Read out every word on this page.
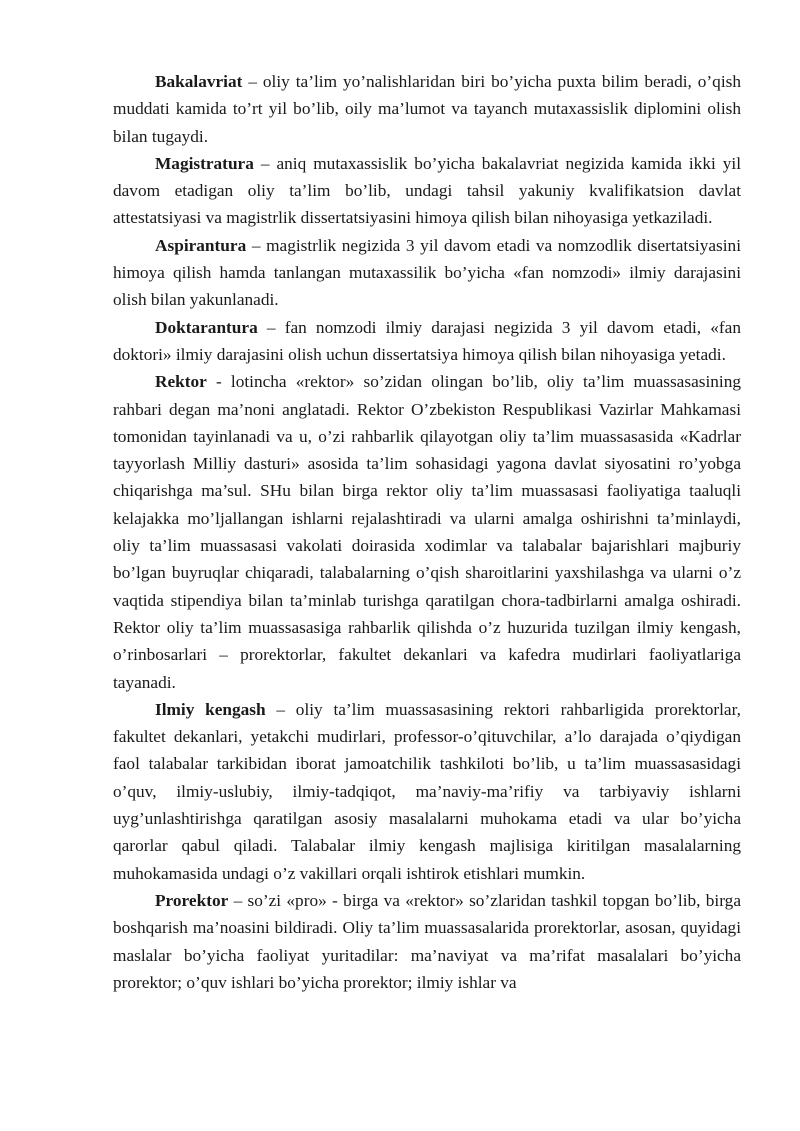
Bakalavriat – oliy ta’lim yo’nalishlaridan biri bo’yicha puxta bilim beradi, o’qish muddati kamida to’rt yil bo’lib, oily ma’lumot va tayanch mutaxassislik diplomini olish bilan tugaydi.

Magistratura – aniq mutaxassislik bo’yicha bakalavriat negizida kamida ikki yil davom etadigan oliy ta’lim bo’lib, undagi tahsil yakuniy kvalifikatsion davlat attestatsiyasi va magistrlik dissertatsiyasini himoya qilish bilan nihoyasiga yetkaziladi.

Aspirantura – magistrlik negizida 3 yil davom etadi va nomzodlik disertatsiyasini himoya qilish hamda tanlangan mutaxassilik bo’yicha «fan nomzodi» ilmiy darajasini olish bilan yakunlanadi.

Doktarantura – fan nomzodi ilmiy darajasi negizida 3 yil davom etadi, «fan doktori» ilmiy darajasini olish uchun dissertatsiya himoya qilish bilan nihoyasiga yetadi.

Rektor - lotincha «rektor» so’zidan olingan bo’lib, oliy ta’lim muassasasining rahbari degan ma’noni anglatadi. Rektor O’zbekiston Respublikasi Vazirlar Mahkamasi tomonidan tayinlanadi va u, o’zi rahbarlik qilayotgan oliy ta’lim muassasasida «Kadrlar tayyorlash Milliy dasturi» asosida ta’lim sohasidagi yagona davlat siyosatini ro’yobga chiqarishga ma’sul. SHu bilan birga rektor oliy ta’lim muassasasi faoliyatiga taaluqli kelajakka mo’ljallangan ishlarni rejalashtiradi va ularni amalga oshirishni ta’minlaydi, oliy ta’lim muassasasi vakolati doirasida xodimlar va talabalar bajarishlari majburiy bo’lgan buyruqlar chiqaradi, talabalarning o’qish sharoitlarini yaxshilashga va ularni o’z vaqtida stipendiya bilan ta’minlab turishga qaratilgan chora-tadbirlarni amalga oshiradi. Rektor oliy ta’lim muassasasiga rahbarlik qilishda o’z huzurida tuzilgan ilmiy kengash, o’rinbosarlari – prorektorlar, fakultet dekanlari va kafedra mudirlari faoliyatlariga tayanadi.

Ilmiy kengash – oliy ta’lim muassasasining rektori rahbarligida prorektorlar, fakultet dekanlari, yetakchi mudirlari, professor-o’qituvchilar, a’lo darajada o’qiydigan faol talabalar tarkibidan iborat jamoatchilik tashkiloti bo’lib, u ta’lim muassasasidagi o’quv, ilmiy-uslubiy, ilmiy-tadqiqot, ma’naviy-ma’rifiy va tarbiyaviy ishlarni uyg’unlashtirishga qaratilgan asosiy masalalarni muhokama etadi va ular bo’yicha qarorlar qabul qiladi. Talabalar ilmiy kengash majlisiga kiritilgan masalalarning muhokamasida undagi o’z vakillari orqali ishtirok etishlari mumkin.

Prorektor – so’zi «pro» - birga va «rektor» so’zlaridan tashkil topgan bo’lib, birga boshqarish ma’noasini bildiradi. Oliy ta’lim muassasalarida prorektorlar, asosan, quyidagi maslalar bo’yicha faoliyat yuritadilar: ma’naviyat va ma’rifat masalalari bo’yicha prorektor; o’quv ishlari bo’yicha prorektor; ilmiy ishlar va
